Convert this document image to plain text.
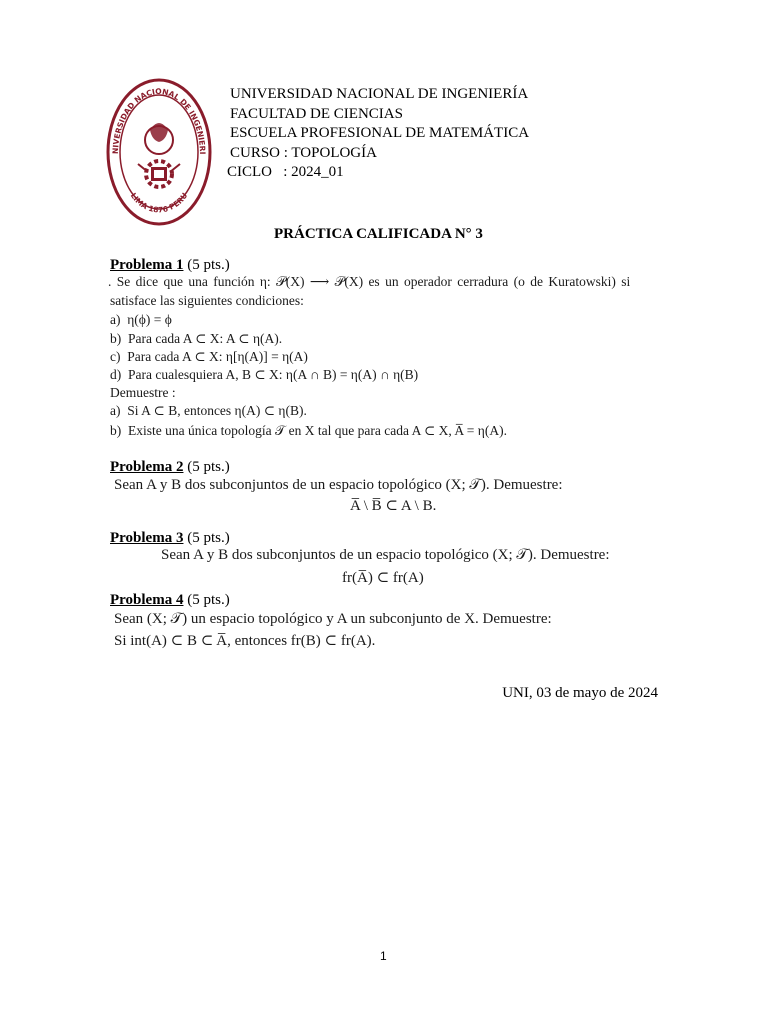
NIVERSIDAD NACIONAL DE INGENIERI
LIMA 1876 PERU
UNIVERSIDAD NACIONAL DE INGENIERÍA
FACULTAD DE CIENCIAS
ESCUELA PROFESIONAL DE MATEMÁTICA
CURSO : TOPOLOGÍA
CICLO   : 2024_01
PRÁCTICA CALIFICADA N° 3
Problema 1 (5 pts.)
. Se dice que una función η: 𝒫(X) ⟶ 𝒫(X) es un operador cerradura (o de Kuratowski) si
satisface las siguientes condiciones:
a)  η(ϕ) = ϕ
b)  Para cada A ⊂ X: A ⊂ η(A).
c)  Para cada A ⊂ X: η[η(A)] = η(A)
d)  Para cualesquiera A, B ⊂ X: η(A ∩ B) = η(A) ∩ η(B)
Demuestre :
a)  Si A ⊂ B, entonces η(A) ⊂ η(B).
b)  Existe una única topología 𝒯 en X tal que para cada A ⊂ X, A̅ = η(A).
Problema 2 (5 pts.)
Sean A y B dos subconjuntos de un espacio topológico (X; 𝒯). Demuestre:
A̅ \ B̅ ⊂ A \ B.
Problema 3 (5 pts.)
Sean A y B dos subconjuntos de un espacio topológico (X; 𝒯). Demuestre:
fr(A̅) ⊂ fr(A)
Problema 4 (5 pts.)
Sean (X; 𝒯) un espacio topológico y A un subconjunto de X. Demuestre:
Si int(A) ⊂ B ⊂ A̅, entonces fr(B) ⊂ fr(A).
UNI, 03 de mayo de 2024
1
